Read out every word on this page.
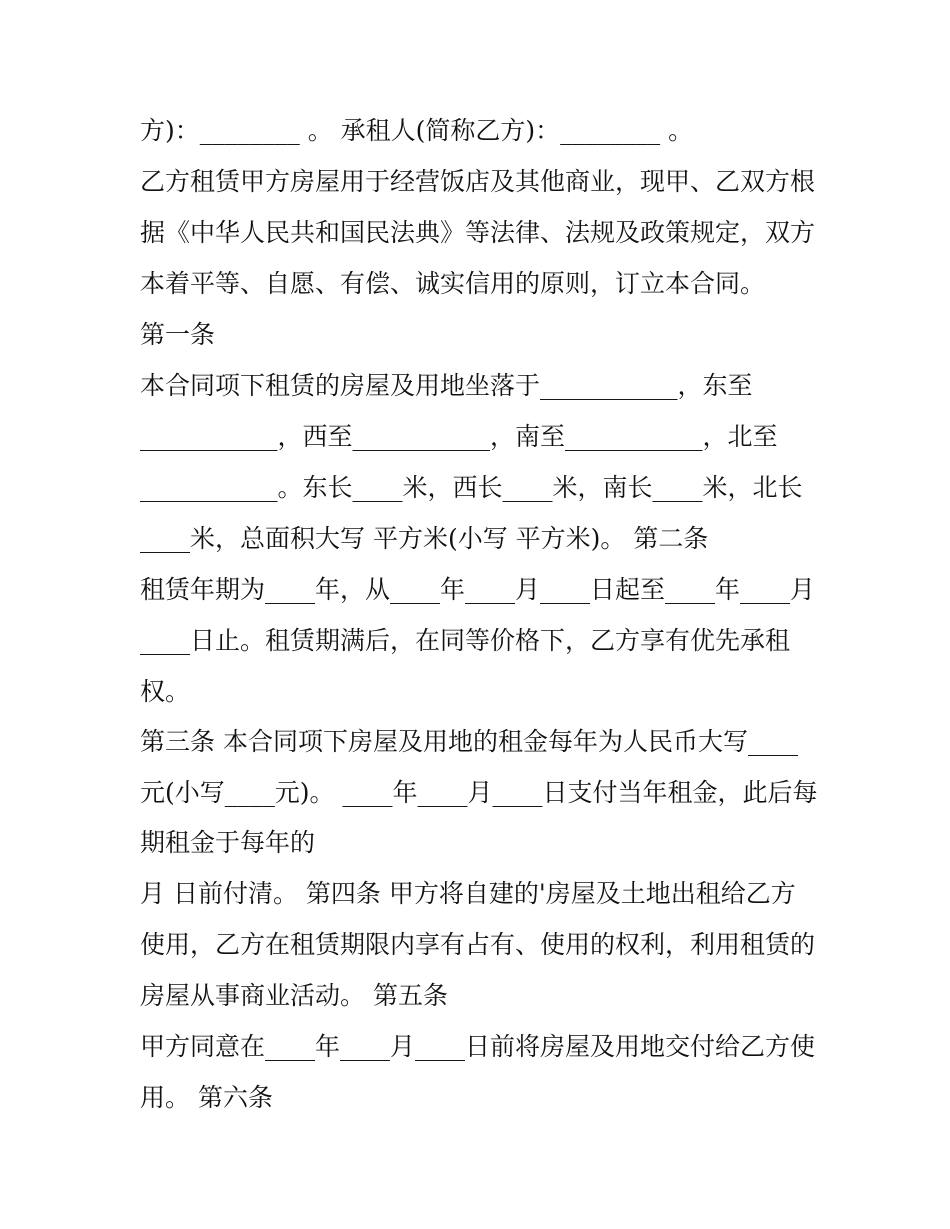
方)：________ 。 承租人(简称乙方)：________ 。

乙方租赁甲方房屋用于经营饭店及其他商业，现甲、乙双方根

据《中华人民共和国民法典》等法律、法规及政策规定，双方

本着平等、自愿、有偿、诚实信用的原则，订立本合同。

第一条

本合同项下租赁的房屋及用地坐落于___________，东至

___________，西至___________，南至___________，北至

___________。东长____米，西长____米，南长____米，北长

____米，总面积大写 平方米(小写 平方米)。 第二条

租赁年期为____年，从____年____月____日起至____年____月

____日止。租赁期满后，在同等价格下，乙方享有优先承租

权。

第三条 本合同项下房屋及用地的租金每年为人民币大写____

元(小写____元)。 ____年____月____日支付当年租金，此后每

期租金于每年的

月 日前付清。 第四条 甲方将自建的'房屋及土地出租给乙方

使用，乙方在租赁期限内享有占有、使用的权利，利用租赁的

房屋从事商业活动。 第五条

甲方同意在____年____月____日前将房屋及用地交付给乙方使

用。 第六条
